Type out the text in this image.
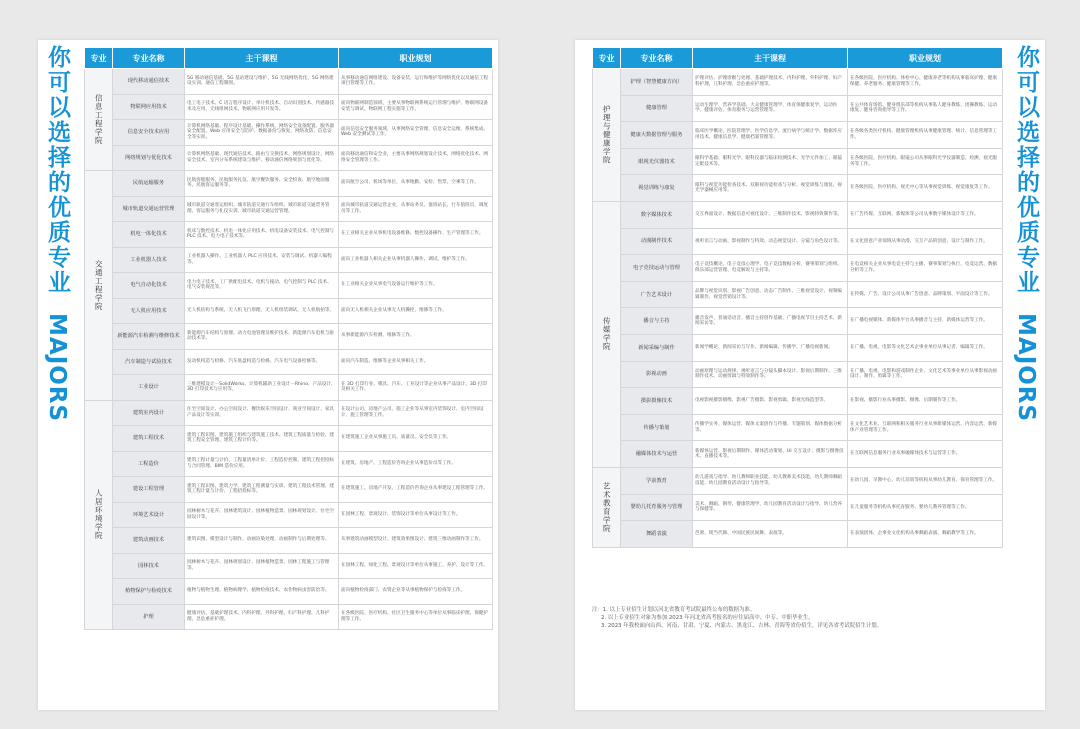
你可以选择的优质专业 MAJORS
专业	专业名称	主干课程	职业规划
信息工程学院	现代移动通信技术	5G 移动通信基础、5G 基站建设与维护、5G 无线网络优化、5G 网络建设实训、通信工程制图。	从事移动通信网络建设、设备安装、运行和维护等网络优化以及通信工程项目管理等工作。
	物联网应用技术	电工电子技术、C 语言程序设计、单片机技术、自动识别技术、传感器技术及应用、无线组网技术、物联网应用开发等。	面向物联网制造领域，主要从事物联网系统运行管理与维护、物联网设备安装与调试、物联网工程实施等工作。
	信息安全技术应用	计算机网络基础、程序设计基础、操作系统、网络安全设备配置、服务器安全配置、Web 应用安全与防护、数据备份与恢复、网络攻防、信息安全等实训。	面向信息安全服务领域，从事网络安全管理、信息安全运维、系统集成、Web 安全测试等工作。
	网络规划与优化技术	计算机网络基础、现代通信技术、路由与交换技术、网络规划设计、网络安全技术、室内分布系统建设与维护、移动通信网络规划与优化等。	面向移动通信和安全业，主要从事网络规划设计技术、网络优化技术、网络安全管理等工作。
交通工程学院	民航运输服务	民航客舱服务、民航服务礼仪、航空餐饮服务、安全检查、航空地面服务、民航客运服务等。	面向航空公司、机场等单位，从事地勤、安检、售票、空乘等工作。
	城市轨道交通运营管理	城市轨道交通客运组织、城市轨道交通行车组织、城市轨道交通票务管理、客运服务与礼仪实训、城市轨道交通运营管理。	面向城市轨道交通运营企业，从事站务员、值班站长、行车值班员、调度员等工作。
	机电一体化技术	机床与数控技术、机电一体化应用技术、机电设备安装技术、电气控制与 PLC 技术、电力电子技术等。	在工业相关企业从事机电设备维修、数控设备操作、生产管理等工作。
	工业机器人技术	工业机器人操作、工业机器人 PLC 应用技术、安装与调试、机器人编程等。	面向工业机器人相关企业从事机器人操作、调试、维护等工作。
	电气自动化技术	电力电子技术、工厂供配电技术、电机与拖动、电气控制与 PLC 技术、电气安装规范等。	在工业相关企业从事电气设备运行维护等工作。
	无人机应用技术	无人机结构与系统、无人机飞行原理、无人机组装调试、无人机航拍等。	面向无人机相关企业从事无人机操控、维修等工作。
	新能源汽车检测与维修技术	新能源汽车结构与原理、动力电池管理及维护技术、新能源汽车电机与驱动技术等。	从事新能源汽车检测、维修等工作。
	汽车制造与试验技术	发动机构造与检修、汽车底盘构造与检修、汽车电气设备检修等。	面向汽车制造、维修等企业从事相关工作。
	工业设计	三维建模设计－SolidWorks、计算机辅助工业设计－Rhino、产品设计、3D 打印技术与应用等。	在 3D 打印行业、模具、汽车、工业设计等企业从事产品设计、3D 打印及相关工作。
人居环境学院	建筑室内设计	住宅空间设计、办公空间设计、餐饮娱乐空间设计、商业空间设计、家具产品设计等实训。	在设计公司、房地产公司、施工企业等从事室内装饰设计、室内空间设计、施工管理等工作。
	建筑工程技术	建筑工程识图、建筑施工组织与建筑施工技术、建筑工程质量与检验、建筑工程安全管理、建筑工程计价等。	在建筑施工企业从事施工员、质量员、安全员等工作。
	工程造价	建筑工程计量与计价、工程量清单计价、工程造价控制、建筑工程招投标与合同管理、BIM 造价应用。	在建筑、房地产、工程造价咨询企业从事造价员等工作。
	建设工程管理	建筑工程识图、建筑力学、建筑工程测量与实训、建筑工程技术管理、建筑工程计量与计价、工程招投标等。	在建筑施工、房地产开发、工程造价咨询企业从事建设工程管理等工作。
	环境艺术设计	园林树木与花卉、园林建筑设计、园林植物造景、园林规划设计、住宅空间设计等。	在园林工程、景观设计、装饰设计等单位从事设计等工作。
	建筑动画技术	建筑识图、模型设计与制作、动画渲染处理、动画制作与后期处理等。	从事建筑动画模型设计、建筑效果图设计、建筑三维动画制作等工作。
	园林技术	园林树木与花卉、园林规划设计、园林植物造景、园林工程施工与管理等。	在园林工程、绿化工程、景观设计等单位从事施工、养护、设计等工作。
	植物保护与检疫技术	植物与植物生理、植物病理学、植物检疫技术、农作物病虫害防治等。	面向植物检疫部门、农资企业等从事植物保护与检疫等工作。
	护理	健康评估、基础护理技术、内科护理、外科护理、妇产科护理、儿科护理、急危重症护理。	在各级医院、医疗机构、社区卫生服务中心等单位从事临床护理、保健护理等工作。
你可以选择的优质专业 MAJORS
专业	专业名称	主干课程	职业规划
护理与健康学院	护理（智慧健康方向）	护理评估、护理诊断与处理、基础护理技术、内科护理、外科护理、妇产科护理、儿科护理、急危重症护理等。	在各级医院、医疗机构、体检中心、健康养老等机构从事临床护理、健康保健、养老服务、健康管理等工作。
	健康管理	运动生理学、营养学基础、大众健康管理学、体育保健康复学、运动医学、健康评估、体育服务与运营管理等。	在公共体育场馆、健身俱乐部等机构从事私人健身教练、团操教练、运动康复、健身咨询指导等工作。
	健康大数据管理与服务	临床医学概论、医院管理学、医学信息学、流行病学与统计学、数据库应用技术、健康信息学、健康档案管理等。	在各级各类医疗机构、健康管理机构从事健康管理、统计、信息管理等工作。
	眼视光仪器技术	眼科学基础、眼科光学、眼科仪器与临床检测技术、光学元件加工、眼镜定配技术等。	在各级医院、医疗机构、眼镜公司从事眼科光学仪器制造、检测、视光服务等工作。
	视觉训练与康复	眼科与视觉功能检查技术、双眼视功能检查与分析、视觉训练与康复、视光学器械应用等。	在各级医院、医疗机构、视光中心等从事视觉训练、视觉康复等工作。
传媒学院	数字媒体技术	交互界面设计、数据信息可视化设计、三维制作技术、影视特效制作等。	在广告传媒、互联网、新媒体等公司从事数字媒体设计等工作。
	动漫制作技术	视听语言与动画、影视制作与特效、动态视觉设计、分镜与角色设计等。	在文化创意产业领域从事动漫、交互产品的创意、设计与制作工作。
	电子竞技运动与管理	电子竞技概论、电子竞技心理学、电子竞技数据分析、赛事策划与组织、俱乐部运营管理、电竞解说与主持等。	在电竞相关企业从事电竞主持与主播、赛事策划与执行、电竞运营、数据分析等工作。
	广告艺术设计	品牌与视觉识别、影视广告创意、动态广告制作、三维视觉设计、视频编辑制作、视觉营销设计等。	在传媒、广告、设计公司从事广告创意、品牌策划、平面设计等工作。
	播音与主持	播音发声、普通话语音、播音主持创作基础、广播电视节目主持艺术、新闻采访等。	在广播电视媒体、新媒体平台从事播音与主持、新媒体运营等工作。
	新闻采编与制作	新闻学概论、新闻采访与写作、新闻编辑、传播学、广播电视新闻。	在广播、电视、电影等文化艺术企事业单位从事记者、编辑等工作。
	影视动画	动画原理与运动规律、视听语言与分镜头脚本设计、影视后期制作、三维制作技术、动画剪辑与特效制作等。	在广播、电视、电影和游戏制作企业、文化艺术等事业单位从事影视动画设计、制作、剪辑等工作。
	摄影摄像技术	电视影视摄影摄像、影视广告摄影、影视剪辑、影视光线造型等。	在影视、摄影行业从事摄影、摄像、后期制作等工作。
	传播与策划	传播学实务、媒体运营、媒体文案创作与传播、专题策划、媒体数据分析等。	在文化艺术业、互联网和相关服务行业从事新媒体运营、内容运营、新媒体产业管理等工作。
	融媒体技术与运营	新媒体运营、影视后期制作、媒体活动策划、UI 交互设计、摄影与摄像技术、直播技术等。	在互联网信息服务行业从事融媒体技术与运营等工作。
艺术教育学院	学前教育	幼儿游戏与指导、幼儿教师职业技能、幼儿教师美术技能、幼儿教师舞蹈技能、幼儿园教育活动设计与指导等。	在幼儿园、早教中心、幼儿培训等机构从事幼儿教育、保育管理等工作。
	婴幼儿托育服务与管理	美术、舞蹈、钢琴、健康管理学、幼儿园教育活动设计与指导、幼儿营养与保健等。	在儿童服务等机构从事托育服务、婴幼儿教养管理等工作。
	舞蹈表演	芭蕾、现当代舞、中国民族民间舞、表演等。	在表演团体、企事业文化机构从事舞蹈表演、舞蹈教学等工作。
注：1. 以上专业招生计划以河北省教育考试院最终公布的数据为准。
2. 以上专业招生对象为参加 2023 年河北省高考报名的应往届高中、中专、中职毕业生。
3. 2023 年我校面向山西、河南、甘肃、宁夏、内蒙古、黑龙江、吉林、青海等省份招生，详见各省考试院招生计划。
